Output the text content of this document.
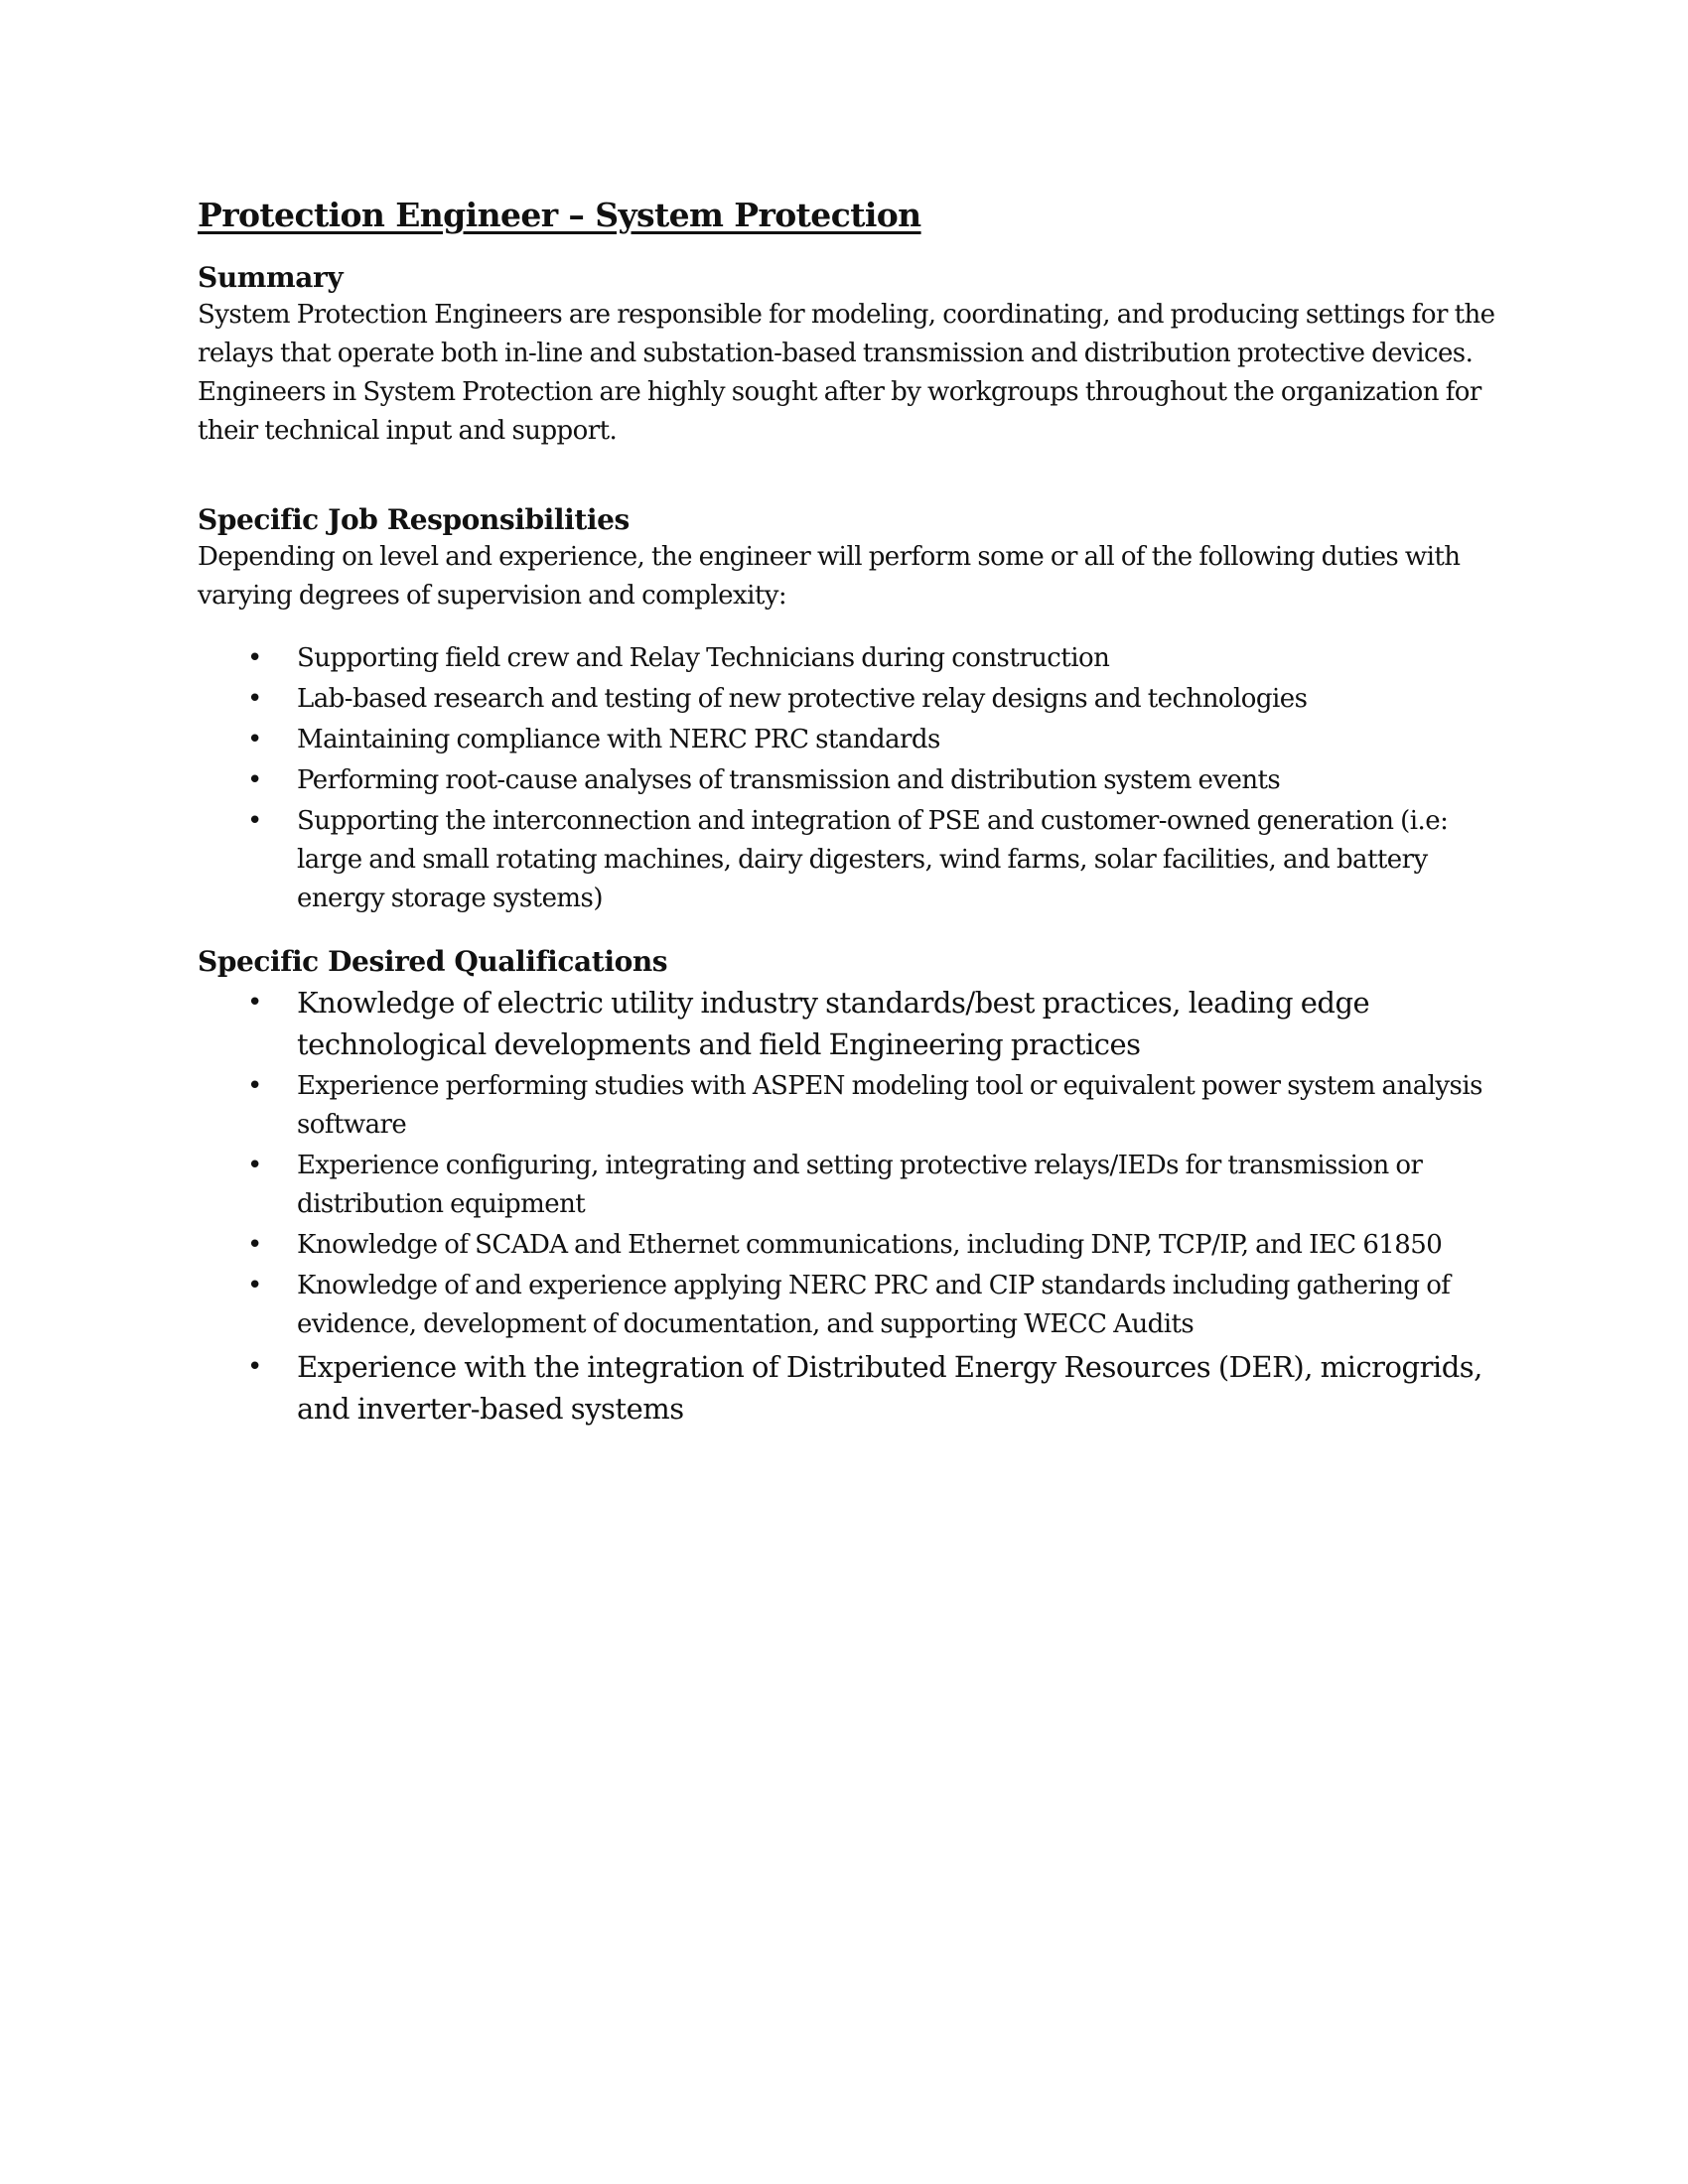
Protection Engineer – System Protection
Summary

System Protection Engineers are responsible for modeling, coordinating, and producing settings for the relays that operate both in-line and substation-based transmission and distribution protective devices. Engineers in System Protection are highly sought after by workgroups throughout the organization for their technical input and support.

Specific Job Responsibilities

Depending on level and experience, the engineer will perform some or all of the following duties with varying degrees of supervision and complexity:

• Supporting field crew and Relay Technicians during construction
• Lab-based research and testing of new protective relay designs and technologies
• Maintaining compliance with NERC PRC standards
• Performing root-cause analyses of transmission and distribution system events
• Supporting the interconnection and integration of PSE and customer-owned generation (i.e: large and small rotating machines, dairy digesters, wind farms, solar facilities, and battery energy storage systems)
Specific Desired Qualifications
• Knowledge of electric utility industry standards/best practices, leading edge technological developments and field Engineering practices
• Experience performing studies with ASPEN modeling tool or equivalent power system analysis software
• Experience configuring, integrating and setting protective relays/IEDs for transmission or distribution equipment
• Knowledge of SCADA and Ethernet communications, including DNP, TCP/IP, and IEC 61850
• Knowledge of and experience applying NERC PRC and CIP standards including gathering of evidence, development of documentation, and supporting WECC Audits
• Experience with the integration of Distributed Energy Resources (DER), microgrids, and inverter-based systems
